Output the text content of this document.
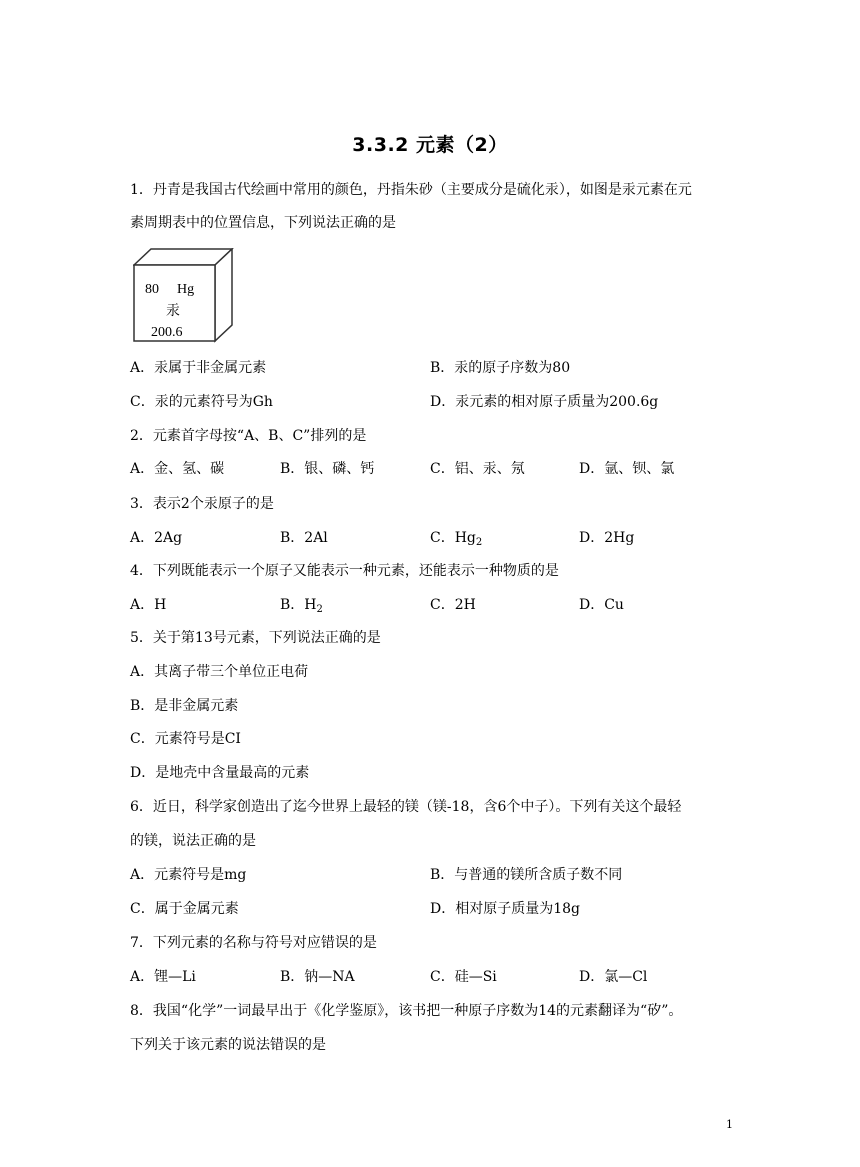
3.3.2 元素（2）
1．丹青是我国古代绘画中常用的颜色，丹指朱砂（主要成分是硫化汞），如图是汞元素在元
素周期表中的位置信息，下列说法正确的是
80 Hg
汞
200.6
A．汞属于非金属元素	B．汞的原子序数为80
C．汞的元素符号为Gh	D．汞元素的相对原子质量为200.6g
2．元素首字母按“A、B、C”排列的是
A．金、氢、碳	B．银、磷、钙	C．铝、汞、氖	D．氩、钡、氯
3．表示2个汞原子的是
A．2Ag	B．2Al	C．$Hg_2$	D．2Hg
4．下列既能表示一个原子又能表示一种元素，还能表示一种物质的是
A．H	B．$H_2$	C．2H	D．Cu
5．关于第13号元素，下列说法正确的是
A．其离子带三个单位正电荷
B．是非金属元素
C．元素符号是CI
D．是地壳中含量最高的元素
6．近日，科学家创造出了迄今世界上最轻的镁（镁-18，含6个中子）。下列有关这个最轻
的镁，说法正确的是
A．元素符号是mg	B．与普通的镁所含质子数不同
C．属于金属元素	D．相对原子质量为18g
7．下列元素的名称与符号对应错误的是
A．锂—Li	B．钠—NA	C．硅—Si	D．氯—Cl
8．我国“化学”一词最早出于《化学鉴原》，该书把一种原子序数为14的元素翻译为“矽”。
下列关于该元素的说法错误的是
1
